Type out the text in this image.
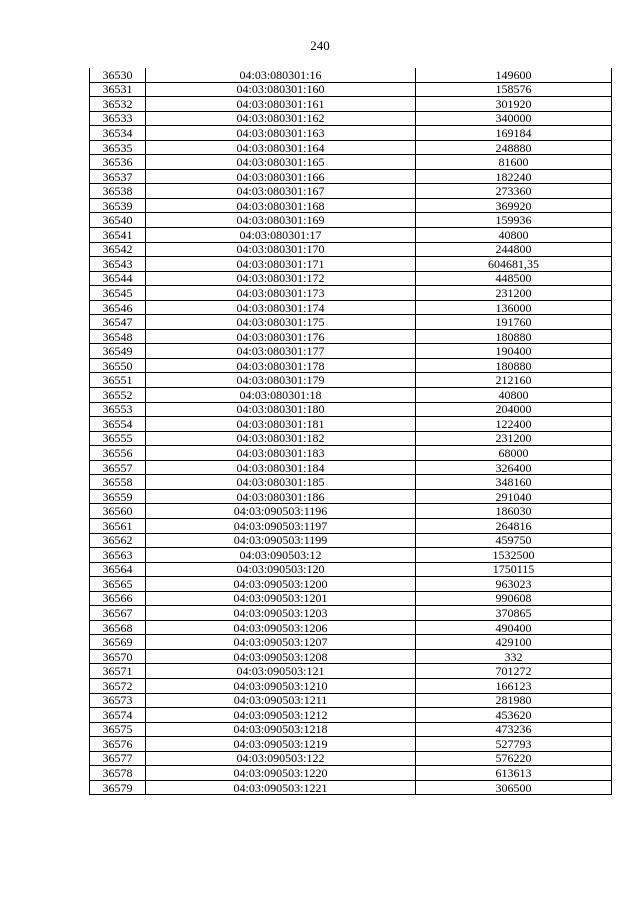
240
36530	04:03:080301:16	149600
36531	04:03:080301:160	158576
36532	04:03:080301:161	301920
36533	04:03:080301:162	340000
36534	04:03:080301:163	169184
36535	04:03:080301:164	248880
36536	04:03:080301:165	81600
36537	04:03:080301:166	182240
36538	04:03:080301:167	273360
36539	04:03:080301:168	369920
36540	04:03:080301:169	159936
36541	04:03:080301:17	40800
36542	04:03:080301:170	244800
36543	04:03:080301:171	604681,35
36544	04:03:080301:172	448500
36545	04:03:080301:173	231200
36546	04:03:080301:174	136000
36547	04:03:080301:175	191760
36548	04:03:080301:176	180880
36549	04:03:080301:177	190400
36550	04:03:080301:178	180880
36551	04:03:080301:179	212160
36552	04:03:080301:18	40800
36553	04:03:080301:180	204000
36554	04:03:080301:181	122400
36555	04:03:080301:182	231200
36556	04:03:080301:183	68000
36557	04:03:080301:184	326400
36558	04:03:080301:185	348160
36559	04:03:080301:186	291040
36560	04:03:090503:1196	186030
36561	04:03:090503:1197	264816
36562	04:03:090503:1199	459750
36563	04:03:090503:12	1532500
36564	04:03:090503:120	1750115
36565	04:03:090503:1200	963023
36566	04:03:090503:1201	990608
36567	04:03:090503:1203	370865
36568	04:03:090503:1206	490400
36569	04:03:090503:1207	429100
36570	04:03:090503:1208	332
36571	04:03:090503:121	701272
36572	04:03:090503:1210	166123
36573	04:03:090503:1211	281980
36574	04:03:090503:1212	453620
36575	04:03:090503:1218	473236
36576	04:03:090503:1219	527793
36577	04:03:090503:122	576220
36578	04:03:090503:1220	613613
36579	04:03:090503:1221	306500
